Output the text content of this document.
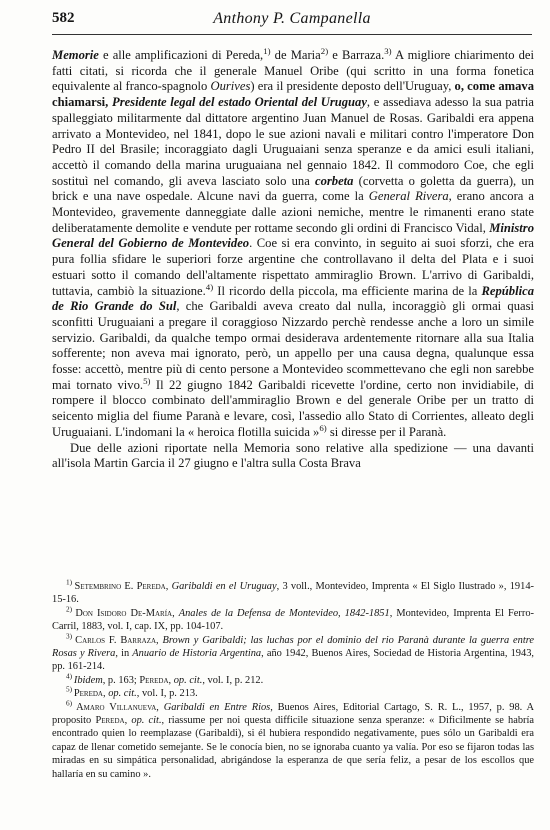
582	Anthony P. Campanella

Memorie e alle amplificazioni di Pereda,$^{1)}$ de Maria$^{2)}$ e Barraza.$^{3)}$ A migliore chiarimento dei fatti citati, si ricorda che il generale Manuel Oribe (qui scritto in una forma fonetica equivalente al franco-spagnolo Ourives) era il presidente deposto dell'Uruguay, o, come amava chiamarsi, Presidente legal del estado Oriental del Uruguay, e assediava adesso la sua patria spalleggiato militarmente dal dittatore argentino Juan Manuel de Rosas. Garibaldi era appena arrivato a Montevideo, nel 1841, dopo le sue azioni navali e militari contro l'imperatore Don Pedro II del Brasile; incoraggiato dagli Uruguaiani senza speranze e da amici esuli italiani, accettò il comando della marina uruguaiana nel gennaio 1842. Il commodoro Coe, che egli sostituì nel comando, gli aveva lasciato solo una corbeta (corvetta o goletta da guerra), un brick e una nave ospedale. Alcune navi da guerra, come la General Rivera, erano ancora a Montevideo, gravemente danneggiate dalle azioni nemiche, mentre le rimanenti erano state deliberatamente demolite e vendute per rottame secondo gli ordini di Francisco Vidal, Ministro General del Gobierno de Montevideo. Coe si era convinto, in seguito ai suoi sforzi, che era pura follia sfidare le superiori forze argentine che controllavano il delta del Plata e i suoi estuari sotto il comando dell'altamente rispettato ammiraglio Brown. L'arrivo di Garibaldi, tuttavia, cambiò la situazione.$^{4)}$ Il ricordo della piccola, ma efficiente marina de la República de Rio Grande do Sul, che Garibaldi aveva creato dal nulla, incoraggiò gli ormai quasi sconfitti Uruguaiani a pregare il coraggioso Nizzardo perchè rendesse anche a loro un simile servizio. Garibaldi, da qualche tempo ormai desiderava ardentemente ritornare alla sua Italia sofferente; non aveva mai ignorato, però, un appello per una causa degna, qualunque essa fosse: accettò, mentre più di cento persone a Montevideo scommettevano che egli non sarebbe mai tornato vivo.$^{5)}$ Il 22 giugno 1842 Garibaldi ricevette l'ordine, certo non invidiabile, di rompere il blocco combinato dell'ammiraglio Brown e del generale Oribe per un tratto di seicento miglia del fiume Paranà e levare, così, l'assedio allo Stato di Corrientes, alleato degli Uruguaiani. L'indomani la « heroica flotilla suicida »$^{6)}$ si diresse per il Paranà.

Due delle azioni riportate nella Memoria sono relative alla spedizione — una davanti all'isola Martin Garcia il 27 giugno e l'altra sulla Costa Brava

$^{1)}$ Setembrino E. Pereda, Garibaldi en el Uruguay, 3 voll., Montevideo, Imprenta « El Siglo Ilustrado », 1914-15-16.

$^{2)}$ Don Isidoro De-María, Anales de la Defensa de Montevideo, 1842-1851, Montevideo, Imprenta El Ferro-Carril, 1883, vol. I, cap. IX, pp. 104-107.

$^{3)}$ Carlos F. Barraza, Brown y Garibaldi; las luchas por el dominio del rio Paranà durante la guerra entre Rosas y Rivera, in Anuario de Historia Argentina, año 1942, Buenos Aires, Sociedad de Historia Argentina, 1943, pp. 161-214.

$^{4)}$ Ibidem, p. 163; Pereda, op. cit., vol. I, p. 212.

$^{5)}$ Pereda, op. cit., vol. I, p. 213.

$^{6)}$ Amaro Villanueva, Garibaldi en Entre Rios, Buenos Aires, Editorial Cartago, S. R. L., 1957, p. 98. A proposito Pereda, op. cit., riassume per noi questa difficile situazione senza speranze: « Dificilmente se habría encontrado quien lo reemplazase (Garibaldi), si él hubiera respondido negativamente, pues sólo un Garibaldi era capaz de llenar cometido semejante. Se le conocía bien, no se ignoraba cuanto ya valía. Por eso se fijaron todas las miradas en su simpática personalidad, abrigándose la esperanza de que sería feliz, a pesar de los escollos que hallaría en su camino ».
